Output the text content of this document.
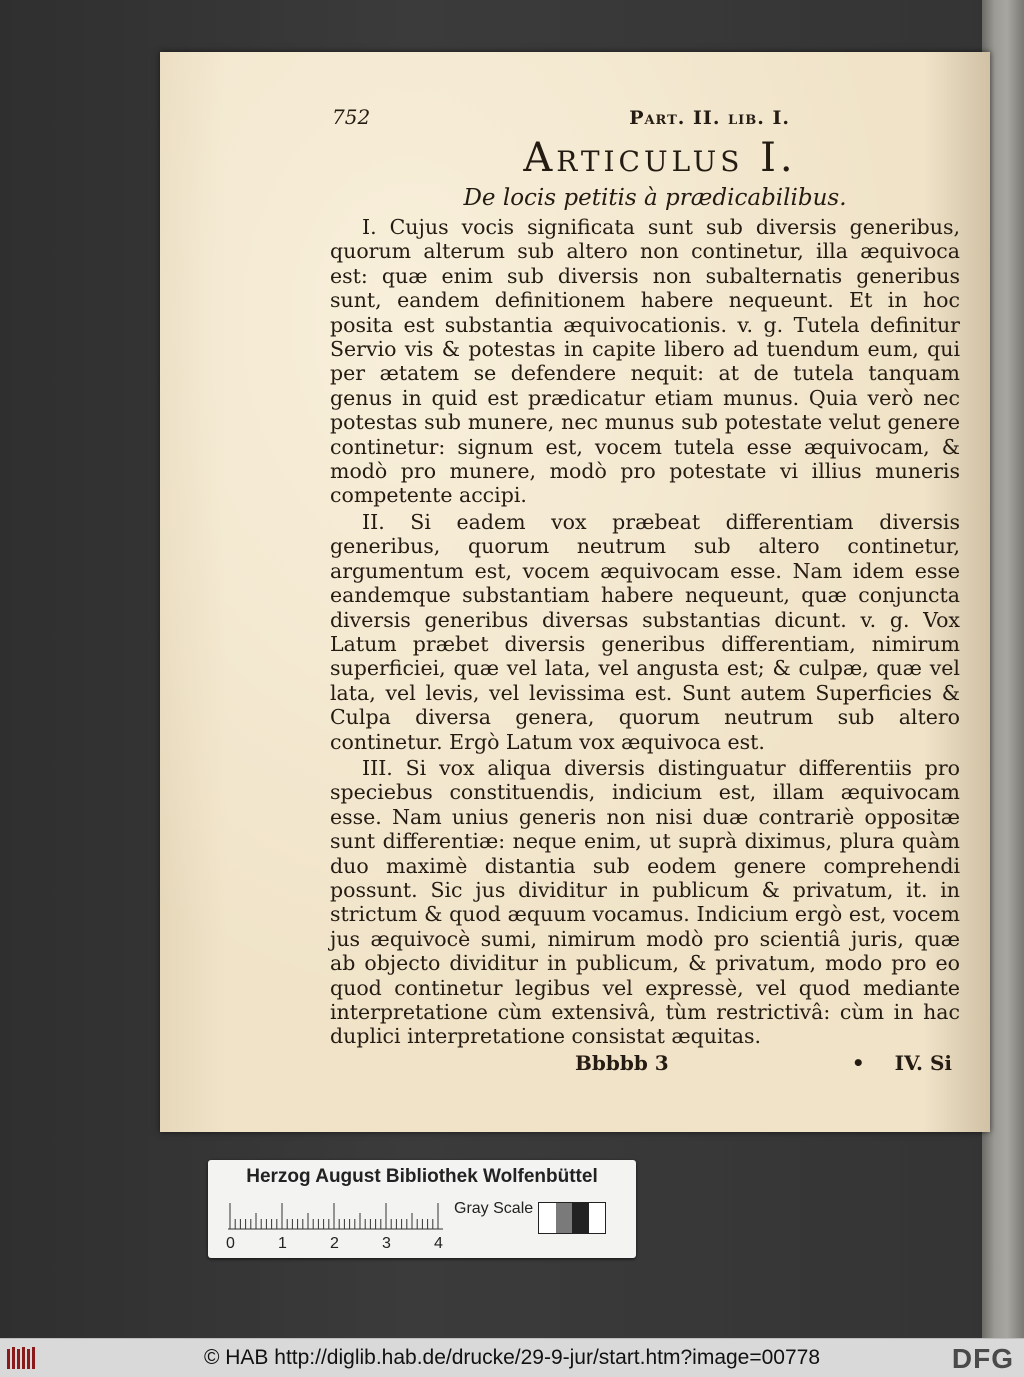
752	Part. II. lib. I.
Articulus I.
De locis petitis à prædicabilibus.

I. Cujus vocis significata sunt sub diversis generibus, quorum alterum sub altero non continetur, illa æquivoca est: quæ enim sub diversis non subalternatis generibus sunt, eandem definitionem habere nequeunt. Et in hoc posita est substantia æquivocationis. v. g. Tutela definitur Servio vis & potestas in capite libero ad tuendum eum, qui per ætatem se defendere nequit: at de tutela tanquam genus in quid est prædicatur etiam munus. Quia verò nec potestas sub munere, nec munus sub potestate velut genere continetur: signum est, vocem tutela esse æquivocam, & modò pro munere, modò pro potestate vi illius muneris competente accipi.

II. Si eadem vox præbeat differentiam diversis generibus, quorum neutrum sub altero continetur, argumentum est, vocem æquivocam esse. Nam idem esse eandemque substantiam habere nequeunt, quæ conjuncta diversis generibus diversas substantias dicunt. v. g. Vox Latum præbet diversis generibus differentiam, nimirum superficiei, quæ vel lata, vel angusta est; & culpæ, quæ vel lata, vel levis, vel levissima est. Sunt autem Superficies & Culpa diversa genera, quorum neutrum sub altero continetur. Ergò Latum vox æquivoca est.

III. Si vox aliqua diversis distinguatur differentiis pro speciebus constituendis, indicium est, illam æquivocam esse. Nam unius generis non nisi duæ contrariè oppositæ sunt differentiæ: neque enim, ut suprà diximus, plura quàm duo maximè distantia sub eodem genere comprehendi possunt. Sic jus dividitur in publicum & privatum, it. in strictum & quod æquum vocamus. Indicium ergò est, vocem jus æquivocè sumi, nimirum modò pro scientiâ juris, quæ ab objecto dividitur in publicum, & privatum, modo pro eo quod continetur legibus vel expressè, vel quod mediante interpretatione cùm extensivâ, tùm restrictivâ: cùm in hac duplici interpretatione consistat æquitas.

Bbbbb 3	• IV. Si
Herzog August Bibliothek Wolfenbüttel
Gray Scale
0	1	2	3	4
© HAB http://diglib.hab.de/drucke/29-9-jur/start.htm?image=00778	DFG
